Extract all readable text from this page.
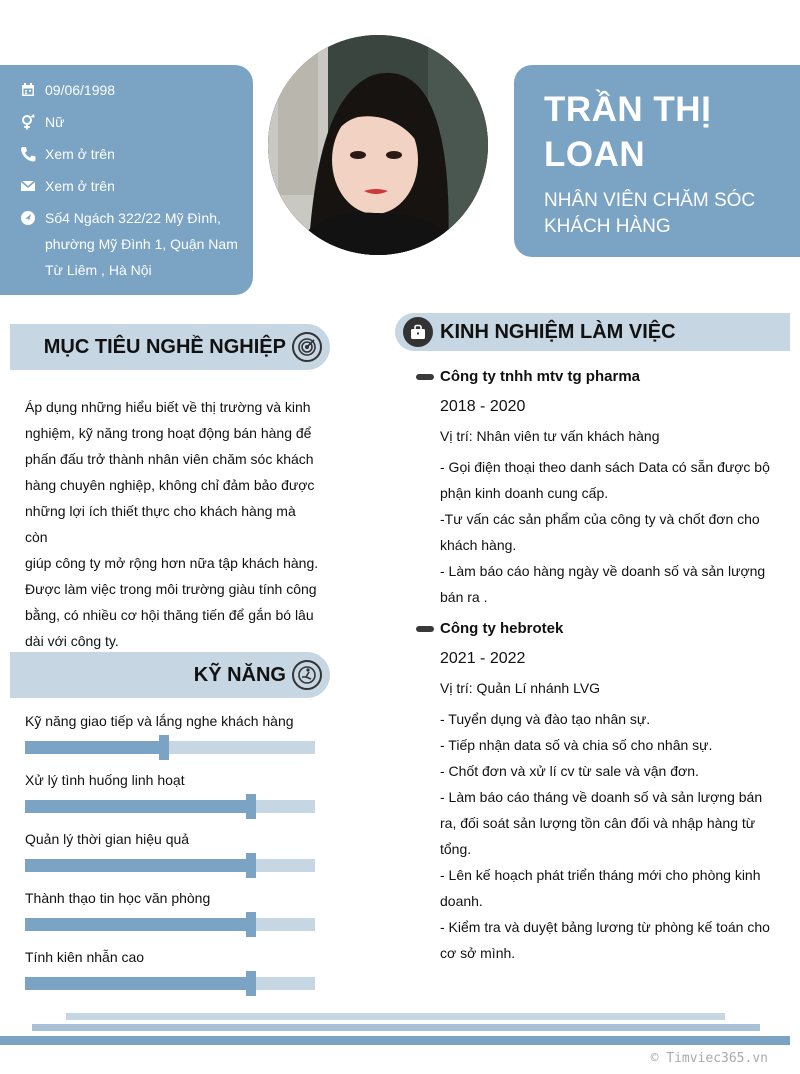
09/06/1998
Nữ
Xem ở trên
Xem ở trên
Số4 Ngách 322/22 Mỹ Đình,
phường Mỹ Đình 1, Quận Nam
Từ Liêm , Hà Nội
TRẦN THỊ
LOAN
NHÂN VIÊN CHĂM SÓC
KHÁCH HÀNG
MỤC TIÊU NGHỀ NGHIỆP
Áp dụng những hiểu biết về thị trường và kinh
nghiệm, kỹ năng trong hoạt động bán hàng để
phấn đấu trở thành nhân viên chăm sóc khách
hàng chuyên nghiệp, không chỉ đảm bảo được
những lợi ích thiết thực cho khách hàng mà còn
giúp công ty mở rộng hơn nữa tập khách hàng.
Được làm việc trong môi trường giàu tính công
bằng, có nhiều cơ hội thăng tiến để gắn bó lâu
dài với công ty.
KỸ NĂNG
Kỹ năng giao tiếp và lắng nghe khách hàng
Xử lý tình huống linh hoạt
Quản lý thời gian hiệu quả
Thành thạo tin học văn phòng
Tính kiên nhẫn cao
KINH NGHIỆM LÀM VIỆC
Công ty tnhh mtv tg pharma
2018 - 2020
Vị trí: Nhân viên tư vấn khách hàng

- Gọi điện thoại theo danh sách Data có sẵn được bộ

phận kinh doanh cung cấp.

-Tư vấn các sản phẩm của công ty và chốt đơn cho

khách hàng.

- Làm báo cáo hàng ngày về doanh số và sản lượng

bán ra .

Công ty hebrotek
2021 - 2022
Vị trí: Quản Lí nhánh LVG

- Tuyển dụng và đào tạo nhân sự.

- Tiếp nhận data số và chia số cho nhân sự.

- Chốt đơn và xử lí cv từ sale và vận đơn.

- Làm báo cáo tháng về doanh số và sản lượng bán

ra, đối soát sản lượng tồn cân đối và nhập hàng từ

tổng.

- Lên kế hoạch phát triển tháng mới cho phòng kinh

doanh.

- Kiểm tra và duyệt bảng lương từ phòng kế toán cho

cơ sở mình.

© Timviec365.vn
